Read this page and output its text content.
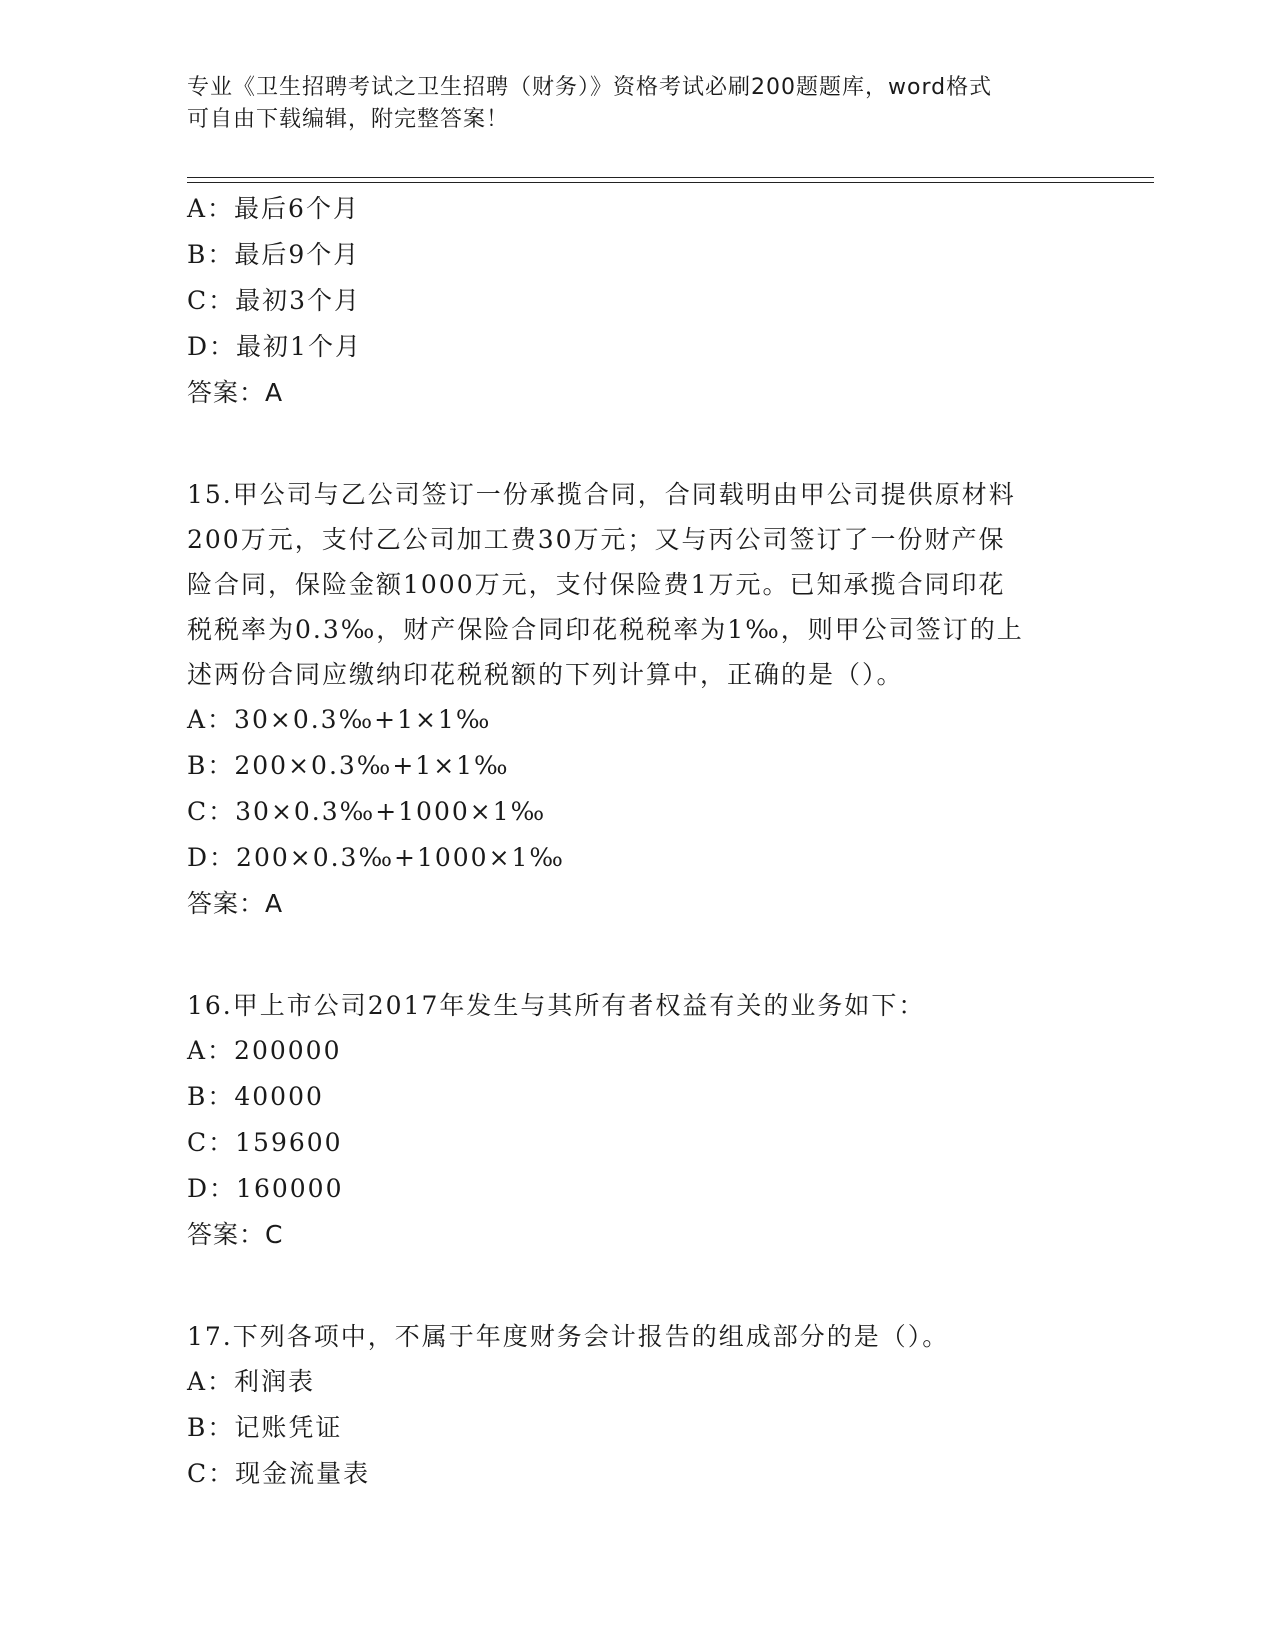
专业《卫生招聘考试之卫生招聘（财务）》资格考试必刷200题题库，word格式
可自由下载编辑，附完整答案！
A：最后6个月
B：最后9个月
C：最初3个月
D：最初1个月
答案：A
15.甲公司与乙公司签订一份承揽合同，合同载明由甲公司提供原材料
200万元，支付乙公司加工费30万元；又与丙公司签订了一份财产保
险合同，保险金额1000万元，支付保险费1万元。已知承揽合同印花
税税率为0.3‰，财产保险合同印花税税率为1‰，则甲公司签订的上
述两份合同应缴纳印花税税额的下列计算中，正确的是（）。
A：30×0.3‰+1×1‰
B：200×0.3‰+1×1‰
C：30×0.3‰+1000×1‰
D：200×0.3‰+1000×1‰
答案：A
16.甲上市公司2017年发生与其所有者权益有关的业务如下：
A：200000
B：40000
C：159600
D：160000
答案：C
17.下列各项中，不属于年度财务会计报告的组成部分的是（）。
A：利润表
B：记账凭证
C：现金流量表
